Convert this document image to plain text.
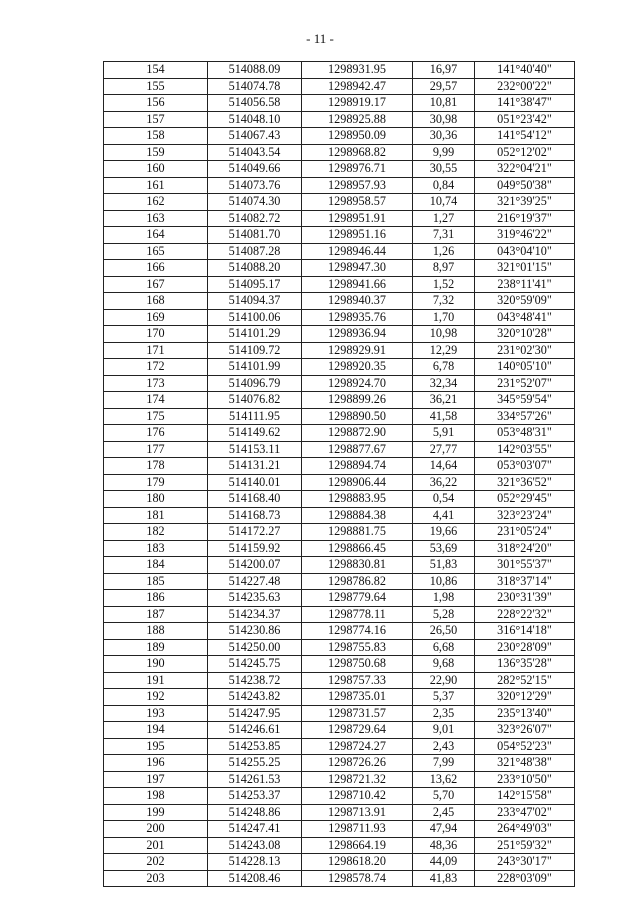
- 11 -
154	514088.09	1298931.95	16,97	141°40'40"
155	514074.78	1298942.47	29,57	232°00'22"
156	514056.58	1298919.17	10,81	141°38'47"
157	514048.10	1298925.88	30,98	051°23'42"
158	514067.43	1298950.09	30,36	141°54'12"
159	514043.54	1298968.82	9,99	052°12'02"
160	514049.66	1298976.71	30,55	322°04'21"
161	514073.76	1298957.93	0,84	049°50'38"
162	514074.30	1298958.57	10,74	321°39'25"
163	514082.72	1298951.91	1,27	216°19'37"
164	514081.70	1298951.16	7,31	319°46'22"
165	514087.28	1298946.44	1,26	043°04'10"
166	514088.20	1298947.30	8,97	321°01'15"
167	514095.17	1298941.66	1,52	238°11'41"
168	514094.37	1298940.37	7,32	320°59'09"
169	514100.06	1298935.76	1,70	043°48'41"
170	514101.29	1298936.94	10,98	320°10'28"
171	514109.72	1298929.91	12,29	231°02'30"
172	514101.99	1298920.35	6,78	140°05'10"
173	514096.79	1298924.70	32,34	231°52'07"
174	514076.82	1298899.26	36,21	345°59'54"
175	514111.95	1298890.50	41,58	334°57'26"
176	514149.62	1298872.90	5,91	053°48'31"
177	514153.11	1298877.67	27,77	142°03'55"
178	514131.21	1298894.74	14,64	053°03'07"
179	514140.01	1298906.44	36,22	321°36'52"
180	514168.40	1298883.95	0,54	052°29'45"
181	514168.73	1298884.38	4,41	323°23'24"
182	514172.27	1298881.75	19,66	231°05'24"
183	514159.92	1298866.45	53,69	318°24'20"
184	514200.07	1298830.81	51,83	301°55'37"
185	514227.48	1298786.82	10,86	318°37'14"
186	514235.63	1298779.64	1,98	230°31'39"
187	514234.37	1298778.11	5,28	228°22'32"
188	514230.86	1298774.16	26,50	316°14'18"
189	514250.00	1298755.83	6,68	230°28'09"
190	514245.75	1298750.68	9,68	136°35'28"
191	514238.72	1298757.33	22,90	282°52'15"
192	514243.82	1298735.01	5,37	320°12'29"
193	514247.95	1298731.57	2,35	235°13'40"
194	514246.61	1298729.64	9,01	323°26'07"
195	514253.85	1298724.27	2,43	054°52'23"
196	514255.25	1298726.26	7,99	321°48'38"
197	514261.53	1298721.32	13,62	233°10'50"
198	514253.37	1298710.42	5,70	142°15'58"
199	514248.86	1298713.91	2,45	233°47'02"
200	514247.41	1298711.93	47,94	264°49'03"
201	514243.08	1298664.19	48,36	251°59'32"
202	514228.13	1298618.20	44,09	243°30'17"
203	514208.46	1298578.74	41,83	228°03'09"
